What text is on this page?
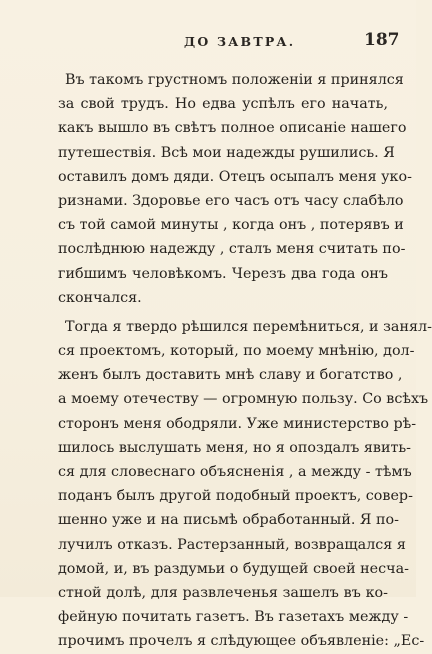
ДО ЗАВТРА.	187
Въ такомъ грустномъ положенiи я принялся
за свой трудъ. Но едва успѣлъ его начать,
какъ вышло въ свѣтъ полное описанiе нашего
путешествiя. Всѣ мои надежды рушились. Я
оставилъ домъ дяди. Отецъ осыпалъ меня уко-
ризнами. Здоровье его часъ отъ часу слабѣло
съ той самой минуты , когда онъ , потерявъ и
послѣднюю надежду , сталъ меня считать по-
гибшимъ человѣкомъ. Черезъ два года онъ
скончался.
Тогда я твердо рѣшился перемѣниться, и занял-
ся проектомъ, который, по моему мнѣнiю, дол-
женъ былъ доставить мнѣ славу и богатство ,
а моему отечеству — огромную пользу. Со всѣхъ
сторонъ меня ободряли. Уже министерство рѣ-
шилось выслушать меня, но я опоздалъ явить-
ся для словеснаго объясненiя , а между - тѣмъ
поданъ былъ другой подобный проектъ, совер-
шенно уже и на письмѣ обработанный. Я по-
лучилъ отказъ. Растерзанный, возвращался я
домой, и, въ раздумьи о будущей своей несча-
стной долѣ, для развлеченья зашелъ въ ко-
фейную почитать газетъ. Въ газетахъ между -
прочимъ прочелъ я слѣдующее объявленiе: „Ес-
